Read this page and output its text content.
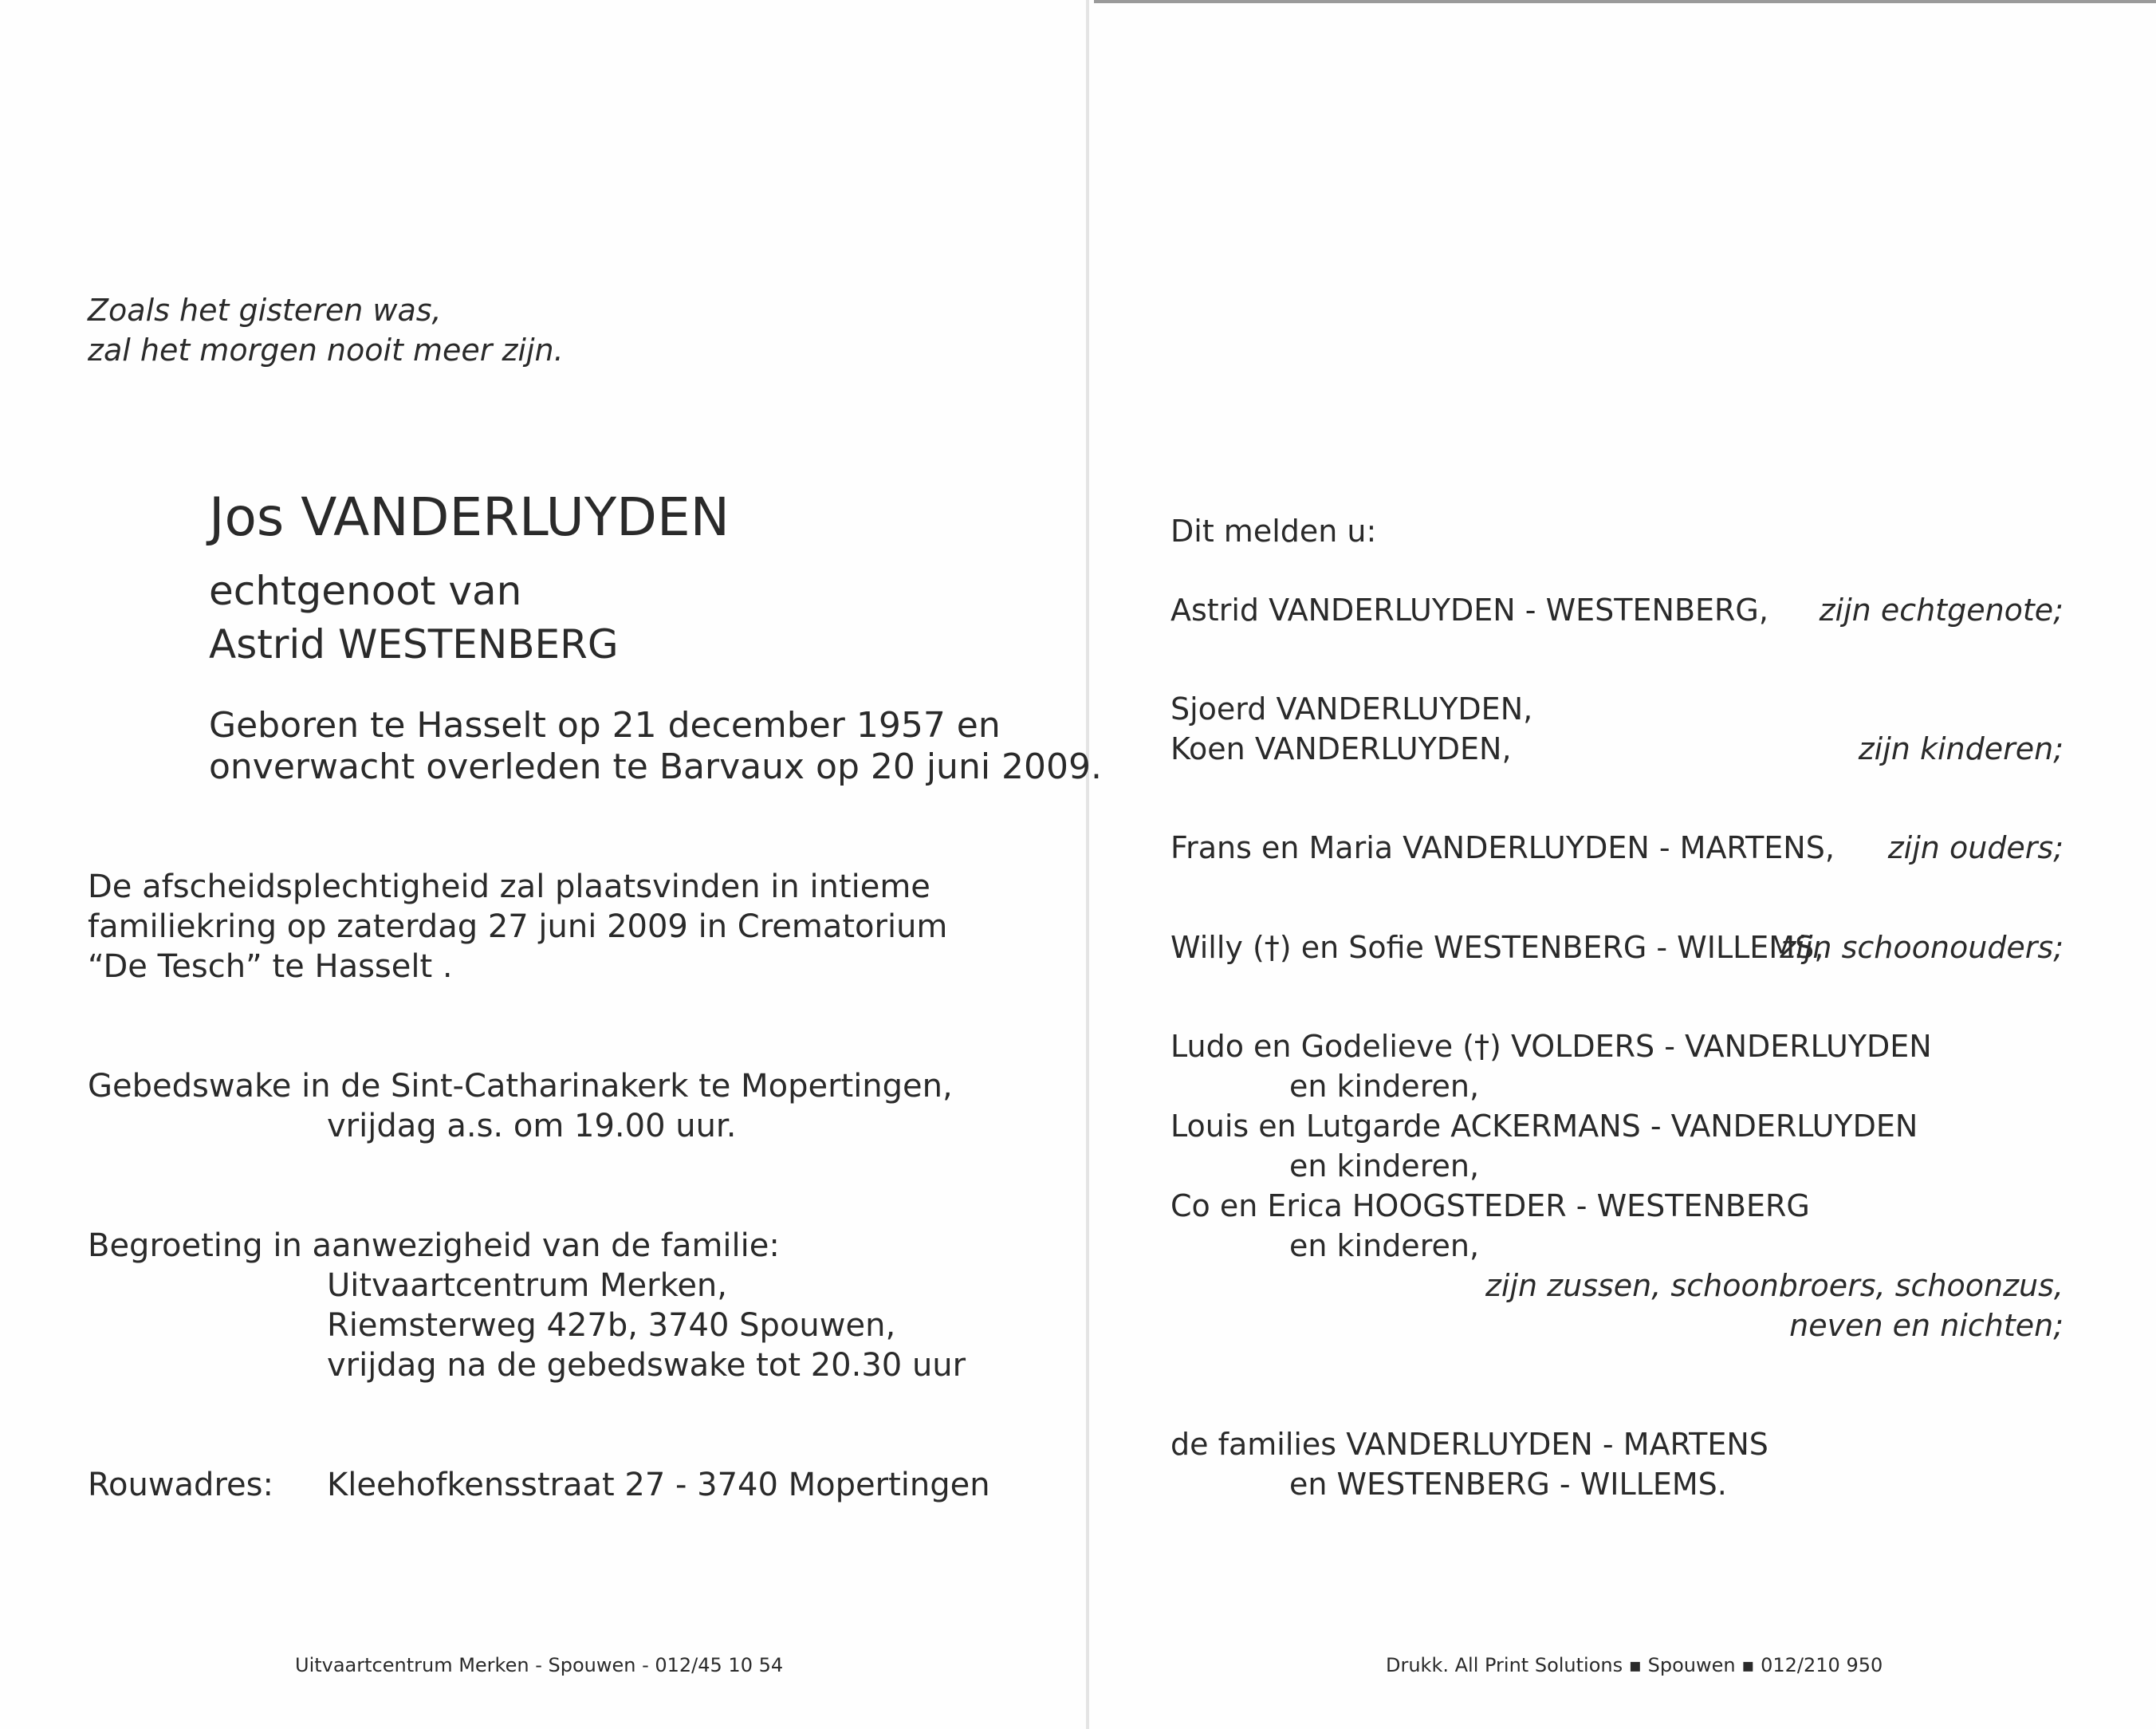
Zoals het gisteren was,
zal het morgen nooit meer zijn.
Jos VANDERLUYDEN
echtgenoot van
Astrid WESTENBERG
Geboren te Hasselt op 21 december 1957 en
onverwacht overleden te Barvaux op 20 juni 2009.
De afscheidsplechtigheid zal plaatsvinden in intieme
familiekring op zaterdag 27 juni 2009 in Crematorium
“De Tesch” te Hasselt .
Gebedswake in de Sint-Catharinakerk te Mopertingen,
vrijdag a.s. om 19.00 uur.
Begroeting in aanwezigheid van de familie:
Uitvaartcentrum Merken,
Riemsterweg 427b, 3740 Spouwen,
vrijdag na de gebedswake tot 20.30 uur
Rouwadres: Kleehofkensstraat 27 - 3740 Mopertingen
Uitvaartcentrum Merken - Spouwen - 012/45 10 54
Dit melden u:
Astrid VANDERLUYDEN - WESTENBERG, zijn echtgenote;
Sjoerd VANDERLUYDEN,
Koen VANDERLUYDEN,	zijn kinderen;
Frans en Maria VANDERLUYDEN - MARTENS, zijn ouders;
Willy (†) en Sofie WESTENBERG - WILLEMS,
zijn schoonouders;
Ludo en Godelieve (†) VOLDERS - VANDERLUYDEN
en kinderen,
Louis en Lutgarde ACKERMANS - VANDERLUYDEN
en kinderen,
Co en Erica HOOGSTEDER - WESTENBERG
en kinderen,
zijn zussen, schoonbroers, schoonzus,
neven en nichten;
de families VANDERLUYDEN - MARTENS
en WESTENBERG - WILLEMS.
Drukk. All Print Solutions ▪ Spouwen ▪ 012/210 950
